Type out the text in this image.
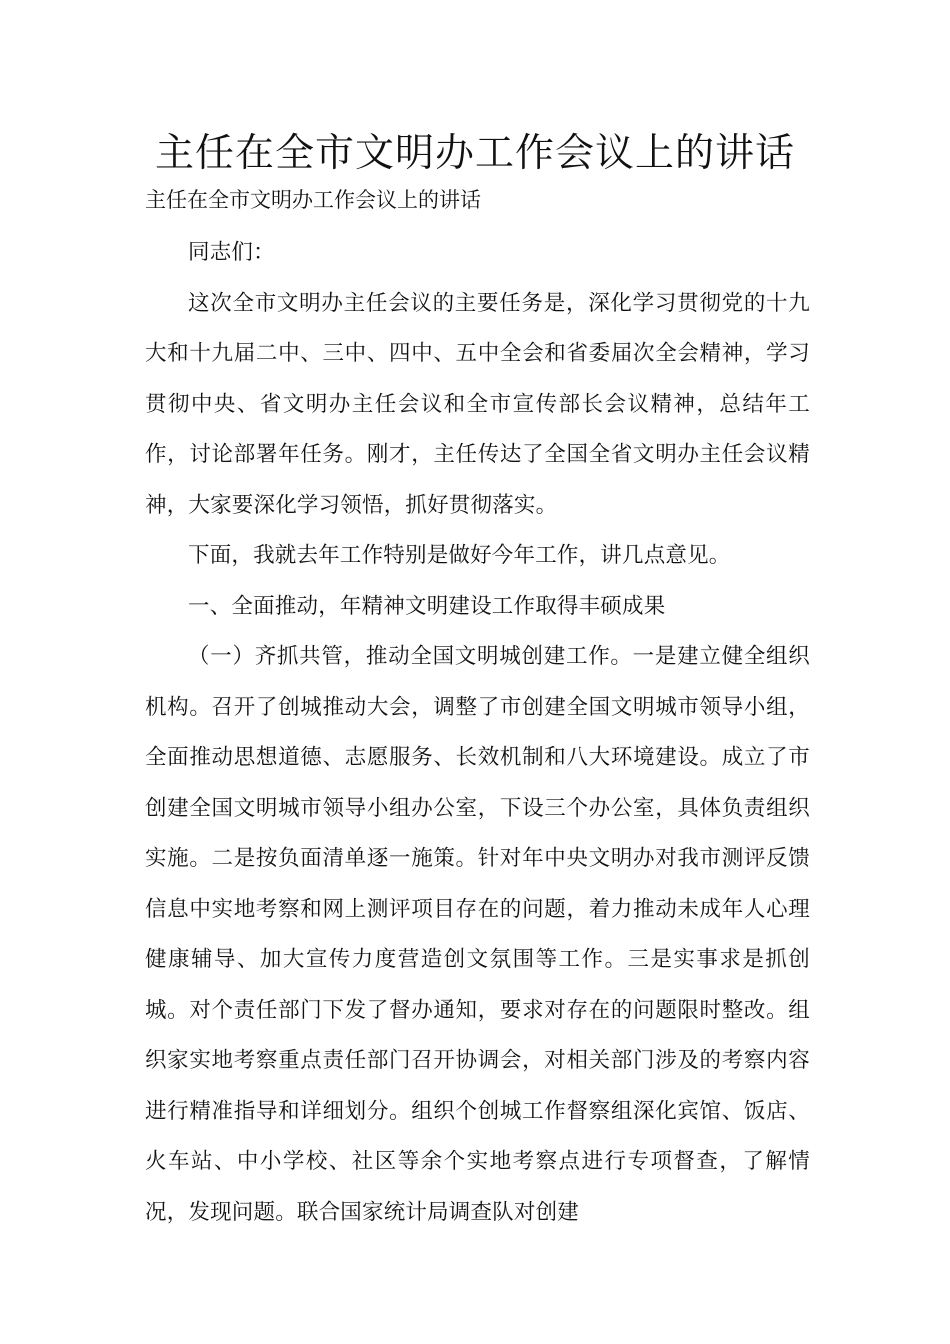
主任在全市文明办工作会议上的讲话
主任在全市文明办工作会议上的讲话

同志们：

这次全市文明办主任会议的主要任务是，深化学习贯彻党的十九大和十九届二中、三中、四中、五中全会和省委届次全会精神，学习贯彻中央、省文明办主任会议和全市宣传部长会议精神，总结年工作，讨论部署年任务。刚才，主任传达了全国全省文明办主任会议精神，大家要深化学习领悟，抓好贯彻落实。

下面，我就去年工作特别是做好今年工作，讲几点意见。

一、全面推动，年精神文明建设工作取得丰硕成果

（一）齐抓共管，推动全国文明城创建工作。一是建立健全组织机构。召开了创城推动大会，调整了市创建全国文明城市领导小组，全面推动思想道德、志愿服务、长效机制和八大环境建设。成立了市创建全国文明城市领导小组办公室，下设三个办公室，具体负责组织实施。二是按负面清单逐一施策。针对年中央文明办对我市测评反馈信息中实地考察和网上测评项目存在的问题，着力推动未成年人心理健康辅导、加大宣传力度营造创文氛围等工作。三是实事求是抓创城。对个责任部门下发了督办通知，要求对存在的问题限时整改。组织家实地考察重点责任部门召开协调会，对相关部门涉及的考察内容进行精准指导和详细划分。组织个创城工作督察组深化宾馆、饭店、火车站、中小学校、社区等余个实地考察点进行专项督查，了解情况，发现问题。联合国家统计局调查队对创建
